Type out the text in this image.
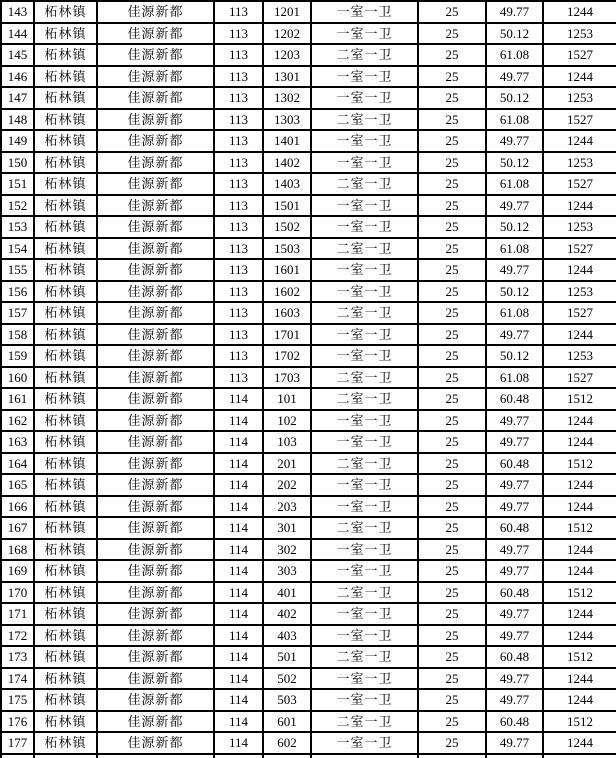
143	柘林镇	佳源新都	113	1201	一室一卫	25	49.77	1244
144	柘林镇	佳源新都	113	1202	一室一卫	25	50.12	1253
145	柘林镇	佳源新都	113	1203	二室一卫	25	61.08	1527
146	柘林镇	佳源新都	113	1301	一室一卫	25	49.77	1244
147	柘林镇	佳源新都	113	1302	一室一卫	25	50.12	1253
148	柘林镇	佳源新都	113	1303	二室一卫	25	61.08	1527
149	柘林镇	佳源新都	113	1401	一室一卫	25	49.77	1244
150	柘林镇	佳源新都	113	1402	一室一卫	25	50.12	1253
151	柘林镇	佳源新都	113	1403	二室一卫	25	61.08	1527
152	柘林镇	佳源新都	113	1501	一室一卫	25	49.77	1244
153	柘林镇	佳源新都	113	1502	一室一卫	25	50.12	1253
154	柘林镇	佳源新都	113	1503	二室一卫	25	61.08	1527
155	柘林镇	佳源新都	113	1601	一室一卫	25	49.77	1244
156	柘林镇	佳源新都	113	1602	一室一卫	25	50.12	1253
157	柘林镇	佳源新都	113	1603	二室一卫	25	61.08	1527
158	柘林镇	佳源新都	113	1701	一室一卫	25	49.77	1244
159	柘林镇	佳源新都	113	1702	一室一卫	25	50.12	1253
160	柘林镇	佳源新都	113	1703	二室一卫	25	61.08	1527
161	柘林镇	佳源新都	114	101	二室一卫	25	60.48	1512
162	柘林镇	佳源新都	114	102	一室一卫	25	49.77	1244
163	柘林镇	佳源新都	114	103	一室一卫	25	49.77	1244
164	柘林镇	佳源新都	114	201	二室一卫	25	60.48	1512
165	柘林镇	佳源新都	114	202	一室一卫	25	49.77	1244
166	柘林镇	佳源新都	114	203	一室一卫	25	49.77	1244
167	柘林镇	佳源新都	114	301	二室一卫	25	60.48	1512
168	柘林镇	佳源新都	114	302	一室一卫	25	49.77	1244
169	柘林镇	佳源新都	114	303	一室一卫	25	49.77	1244
170	柘林镇	佳源新都	114	401	二室一卫	25	60.48	1512
171	柘林镇	佳源新都	114	402	一室一卫	25	49.77	1244
172	柘林镇	佳源新都	114	403	一室一卫	25	49.77	1244
173	柘林镇	佳源新都	114	501	二室一卫	25	60.48	1512
174	柘林镇	佳源新都	114	502	一室一卫	25	49.77	1244
175	柘林镇	佳源新都	114	503	一室一卫	25	49.77	1244
176	柘林镇	佳源新都	114	601	二室一卫	25	60.48	1512
177	柘林镇	佳源新都	114	602	一室一卫	25	49.77	1244
